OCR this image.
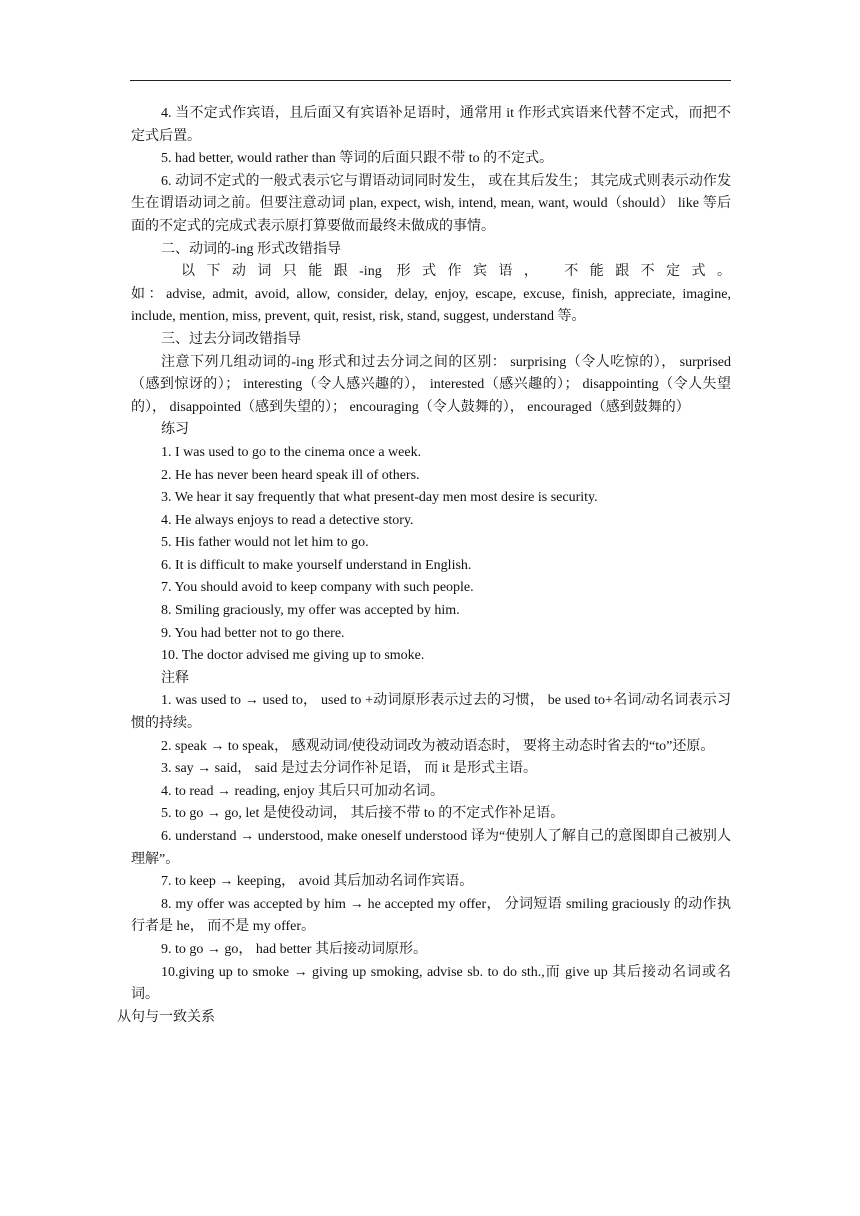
4. 当不定式作宾语，且后面又有宾语补足语时，通常用 it 作形式宾语来代替不定式，而把不定式后置。

5. had better, would rather than 等词的后面只跟不带 to 的不定式。

6. 动词不定式的一般式表示它与谓语动词同时发生， 或在其后发生； 其完成式则表示动作发生在谓语动词之前。但要注意动词 plan, expect, wish, intend, mean, want, would（should） like 等后面的不定式的完成式表示原打算要做而最终未做成的事情。

二、动词的-ing 形式改错指导

以下动词只能跟-ing 形式作宾语， 不能跟不定式。

如：advise, admit, avoid, allow, consider, delay, enjoy, escape, excuse, finish, appreciate, imagine, include, mention, miss, prevent, quit, resist, risk, stand, suggest, understand 等。

三、过去分词改错指导

注意下列几组动词的-ing 形式和过去分词之间的区别： surprising（令人吃惊的）， surprised（感到惊讶的）； interesting（令人感兴趣的）， interested（感兴趣的）； disappointing（令人失望的）， disappointed（感到失望的）； encouraging（令人鼓舞的）， encouraged（感到鼓舞的）

练习

1. I was used to go to the cinema once a week.

2. He has never been heard speak ill of others.

3. We hear it say frequently that what present-day men most desire is security.

4. He always enjoys to read a detective story.

5. His father would not let him to go.

6. It is difficult to make yourself understand in English.

7. You should avoid to keep company with such people.

8. Smiling graciously, my offer was accepted by him.

9. You had better not to go there.

10. The doctor advised me giving up to smoke.

注释

1. was used to → used to， used to +动词原形表示过去的习惯， be used to+名词/动名词表示习惯的持续。

2. speak → to speak， 感观动词/使役动词改为被动语态时， 要将主动态时省去的“to”还原。

3. say → said， said 是过去分词作补足语， 而 it 是形式主语。

4. to read → reading, enjoy 其后只可加动名词。

5. to go → go, let 是使役动词， 其后接不带 to 的不定式作补足语。

6. understand → understood, make oneself understood 译为“使别人了解自己的意图即自己被别人理解”。

7. to keep → keeping， avoid 其后加动名词作宾语。

8. my offer was accepted by him → he accepted my offer， 分词短语 smiling graciously 的动作执行者是 he， 而不是 my offer。

9. to go → go， had better 其后接动词原形。

10.giving up to smoke → giving up smoking, advise sb. to do sth.,而 give up 其后接动名词或名词。

从句与一致关系
